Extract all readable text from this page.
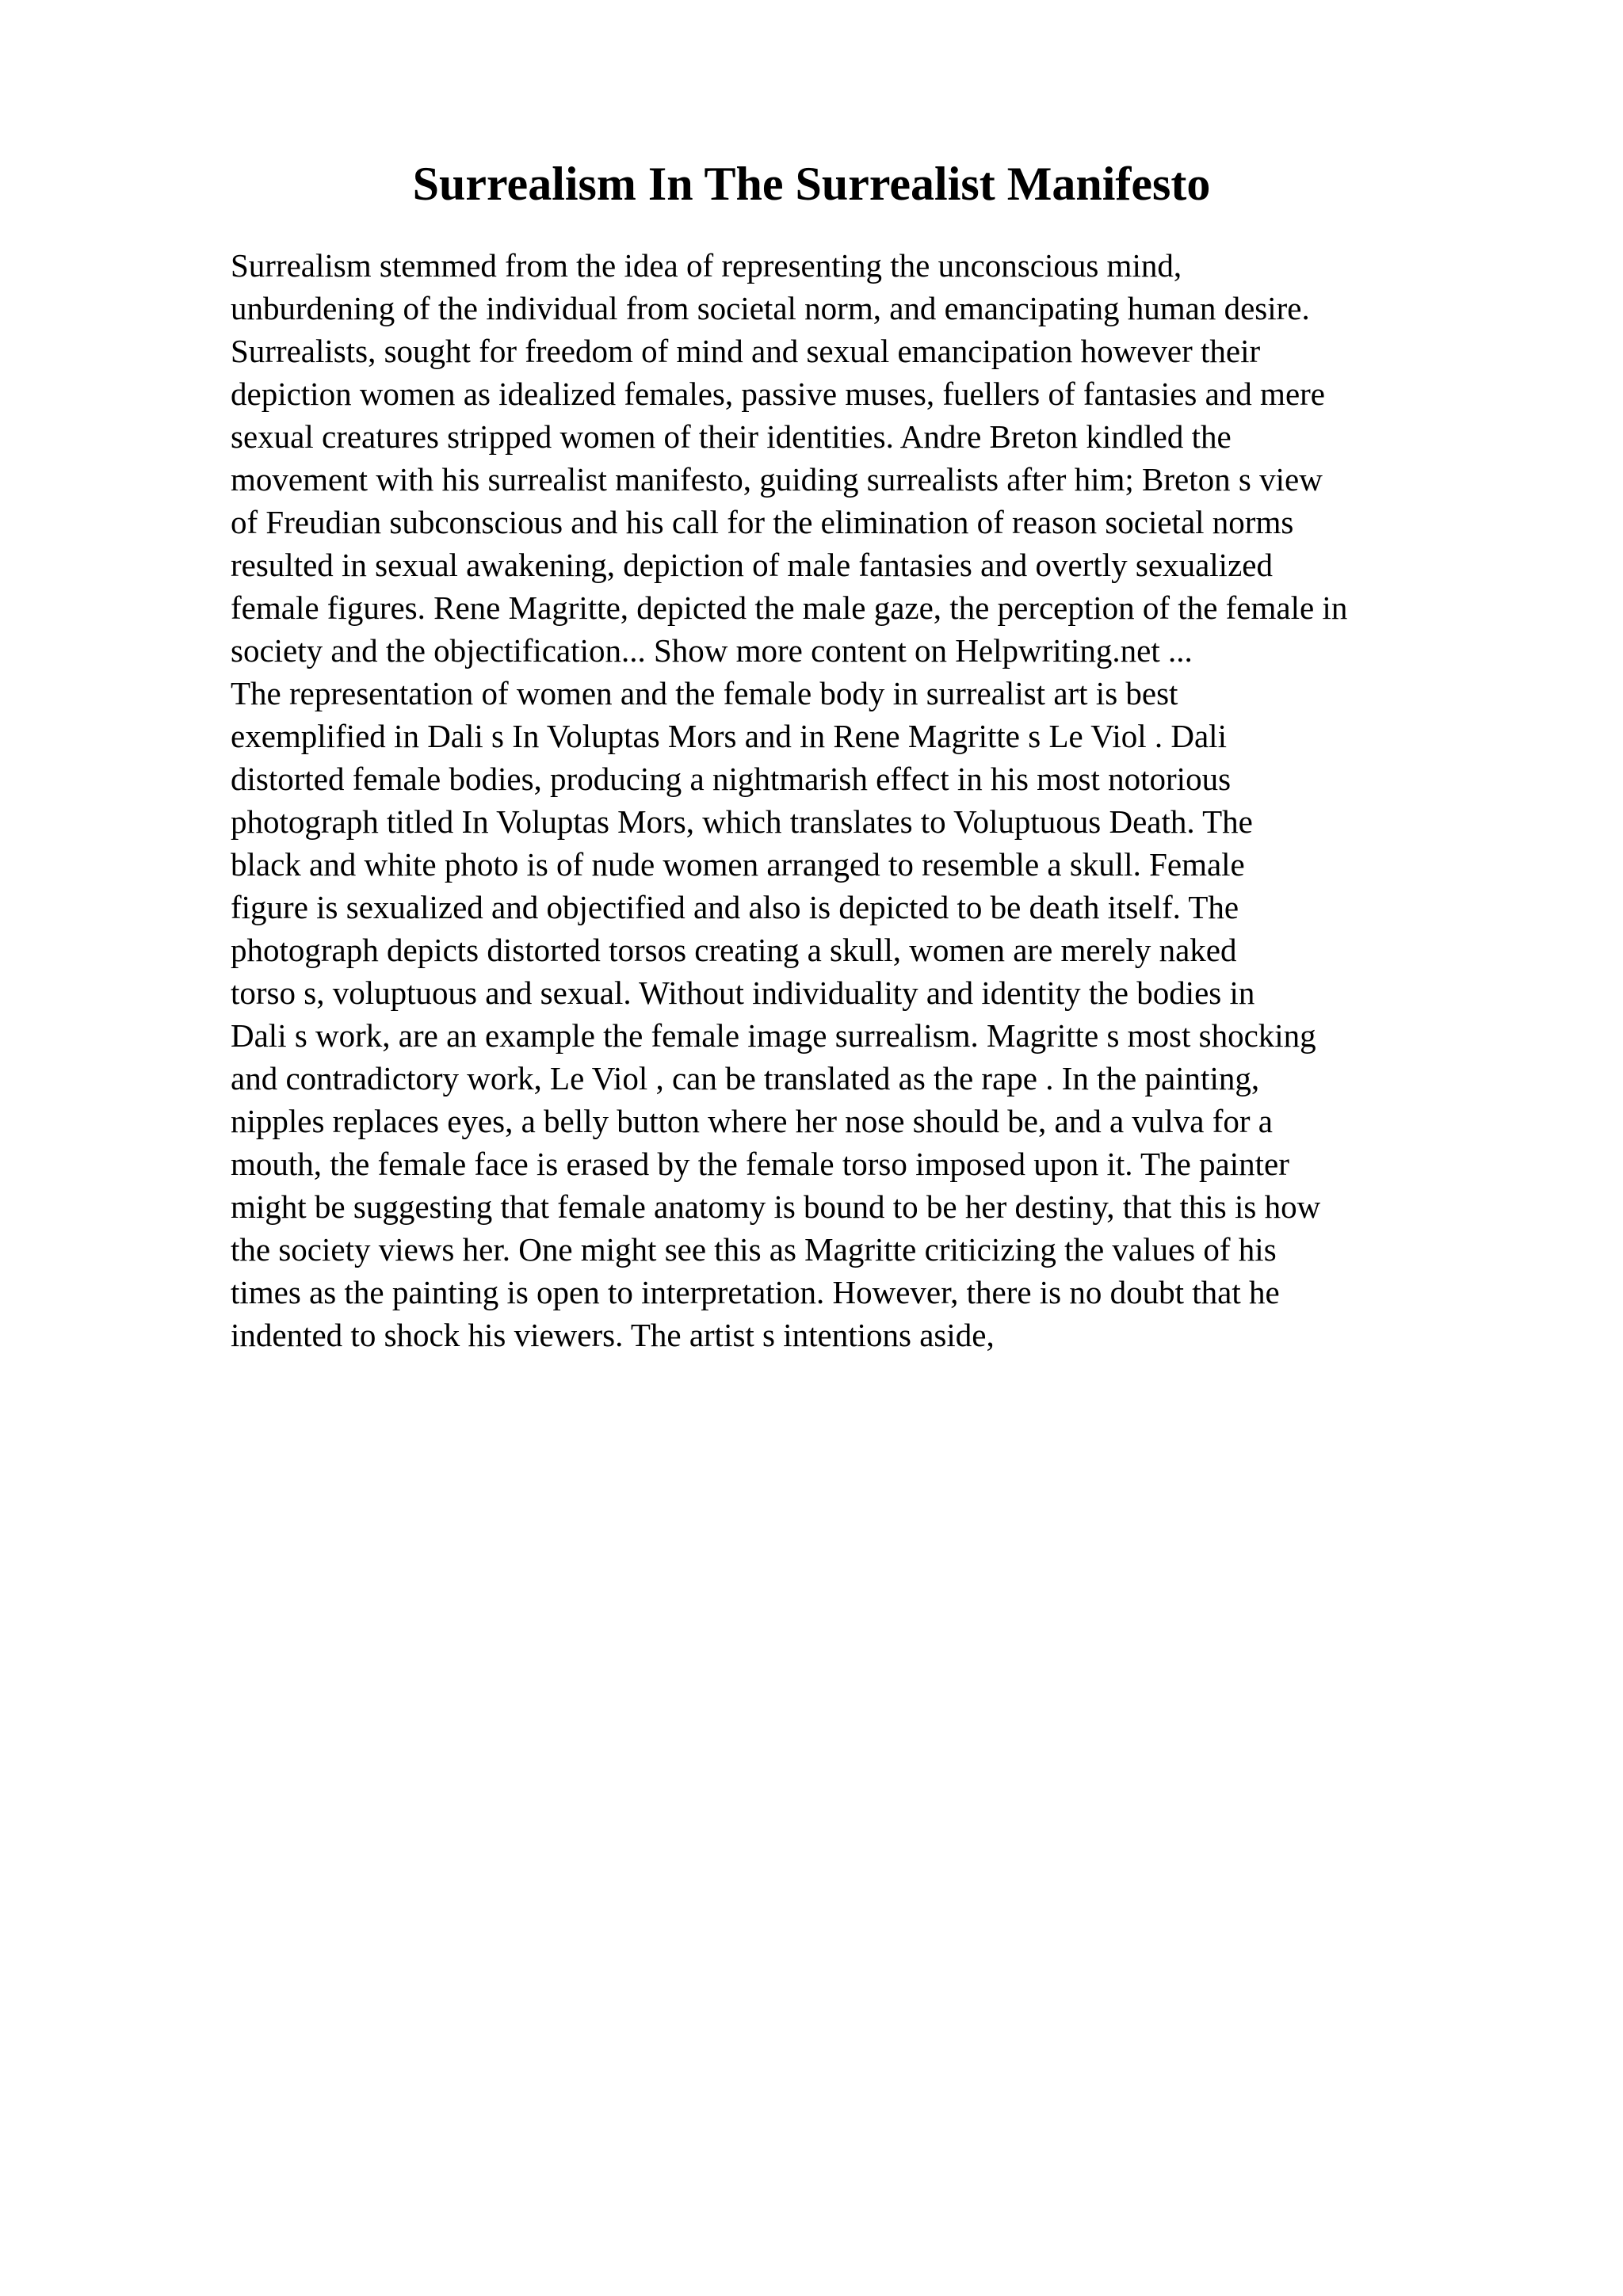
Surrealism In The Surrealist Manifesto
Surrealism stemmed from the idea of representing the unconscious mind,
unburdening of the individual from societal norm, and emancipating human desire.
Surrealists, sought for freedom of mind and sexual emancipation however their
depiction women as idealized females, passive muses, fuellers of fantasies and mere
sexual creatures stripped women of their identities. Andre Breton kindled the
movement with his surrealist manifesto, guiding surrealists after him; Breton s view
of Freudian subconscious and his call for the elimination of reason societal norms
resulted in sexual awakening, depiction of male fantasies and overtly sexualized
female figures. Rene Magritte, depicted the male gaze, the perception of the female in
society and the objectification... Show more content on Helpwriting.net ...
The representation of women and the female body in surrealist art is best
exemplified in Dali s In Voluptas Mors and in Rene Magritte s Le Viol . Dali
distorted female bodies, producing a nightmarish effect in his most notorious
photograph titled In Voluptas Mors, which translates to Voluptuous Death. The
black and white photo is of nude women arranged to resemble a skull. Female
figure is sexualized and objectified and also is depicted to be death itself. The
photograph depicts distorted torsos creating a skull, women are merely naked
torso s, voluptuous and sexual. Without individuality and identity the bodies in
Dali s work, are an example the female image surrealism. Magritte s most shocking
and contradictory work, Le Viol , can be translated as the rape . In the painting,
nipples replaces eyes, a belly button where her nose should be, and a vulva for a
mouth, the female face is erased by the female torso imposed upon it. The painter
might be suggesting that female anatomy is bound to be her destiny, that this is how
the society views her. One might see this as Magritte criticizing the values of his
times as the painting is open to interpretation. However, there is no doubt that he
indented to shock his viewers. The artist s intentions aside,
